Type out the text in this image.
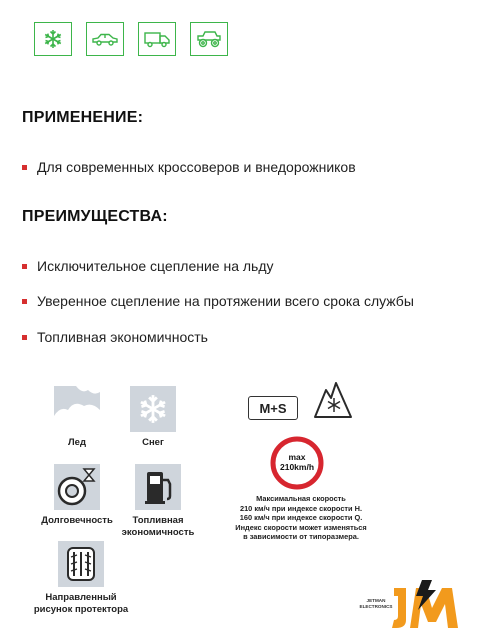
ПРИМЕНЕНИЕ:
Для современных кроссоверов и внедорожников
ПРЕИМУЩЕСТВА:
Исключительное сцепление на льду
Уверенное сцепление на протяжении всего срока службы
Топливная экономичность
Лед	Снег
Долговечность	Топливная
экономичность
Направленный
рисунок протектора
M+S
max
210km/h
Максимальная скорость
210 км/ч при индексе скорости H.
160 км/ч при индексе скорости Q.
Индекс скорости может изменяться
в зависимости от типоразмера.
JETMAN
ELECTRONICS
